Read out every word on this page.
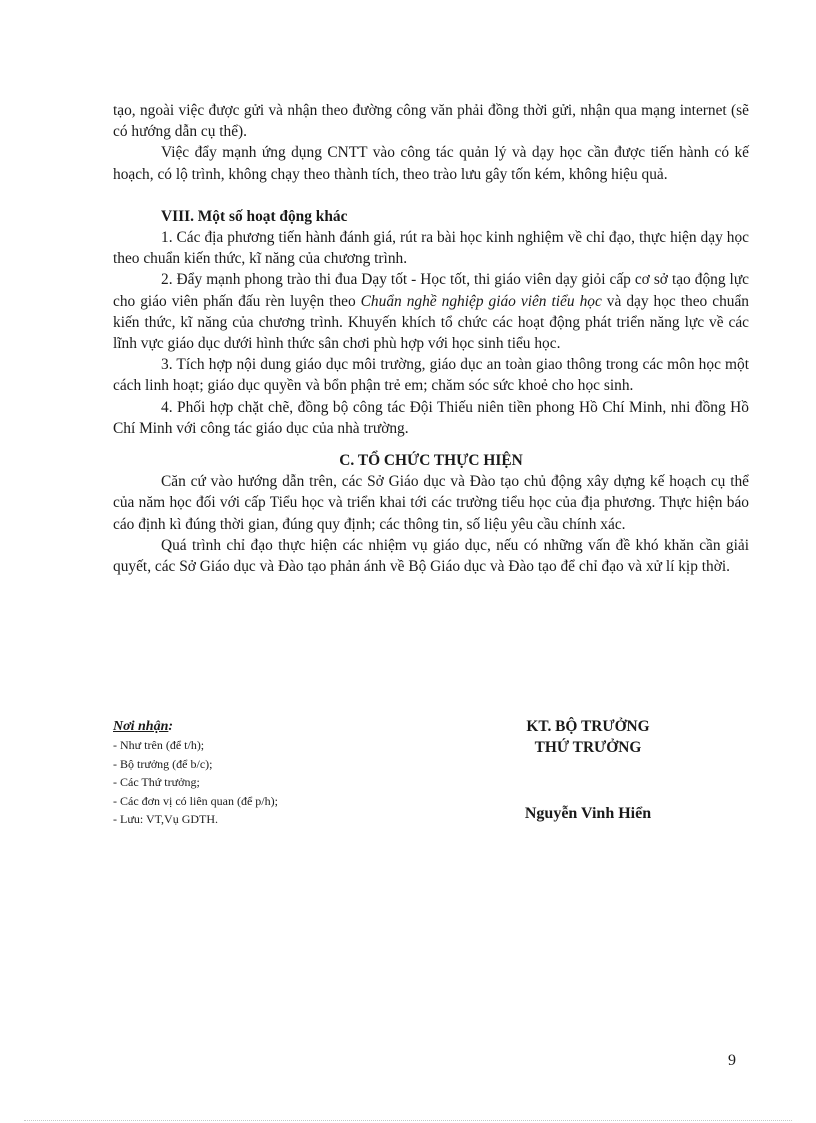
tạo, ngoài việc được gửi và nhận theo đường công văn phải đồng thời gửi, nhận qua mạng internet (sẽ có hướng dẫn cụ thể).

Việc đẩy mạnh ứng dụng CNTT vào công tác quản lý và dạy học cần được tiến hành có kế hoạch, có lộ trình, không chạy theo thành tích, theo trào lưu gây tốn kém, không hiệu quả.

VIII. Một số hoạt động khác

1. Các địa phương tiến hành đánh giá, rút ra bài học kinh nghiệm về chỉ đạo, thực hiện dạy học theo chuẩn kiến thức, kĩ năng của chương trình.

2. Đẩy mạnh phong trào thi đua Dạy tốt - Học tốt, thi giáo viên dạy giỏi cấp cơ sở tạo động lực cho giáo viên phấn đấu rèn luyện theo Chuẩn nghề nghiệp giáo viên tiểu học và dạy học theo chuẩn kiến thức, kĩ năng của chương trình. Khuyến khích tổ chức các hoạt động phát triển năng lực về các lĩnh vực giáo dục dưới hình thức sân chơi phù hợp với học sinh tiểu học.

3. Tích hợp nội dung giáo dục môi trường, giáo dục an toàn giao thông trong các môn học một cách linh hoạt; giáo dục quyền và bổn phận trẻ em; chăm sóc sức khoẻ cho học sinh.

4. Phối hợp chặt chẽ, đồng bộ công tác Đội Thiếu niên tiền phong Hồ Chí Minh, nhi đồng Hồ Chí Minh với công tác giáo dục của nhà trường.

C. TỔ CHỨC THỰC HIỆN

Căn cứ vào hướng dẫn trên, các Sở Giáo dục và Đào tạo chủ động xây dựng kế hoạch cụ thể của năm học đối với cấp Tiểu học và triển khai tới các trường tiểu học của địa phương. Thực hiện báo cáo định kì đúng thời gian, đúng quy định; các thông tin, số liệu yêu cầu chính xác.

Quá trình chỉ đạo thực hiện các nhiệm vụ giáo dục, nếu có những vấn đề khó khăn cần giải quyết, các Sở Giáo dục và Đào tạo phản ánh về Bộ Giáo dục và Đào tạo để chỉ đạo và xử lí kịp thời.

Nơi nhận:
- Như trên (để t/h);
- Bộ trưởng (để b/c);
- Các Thứ trưởng;
- Các đơn vị có liên quan (để p/h);
- Lưu: VT,Vụ GDTH.
KT. BỘ TRƯỞNG
THỨ TRƯỞNG
Nguyễn Vinh Hiển
9
